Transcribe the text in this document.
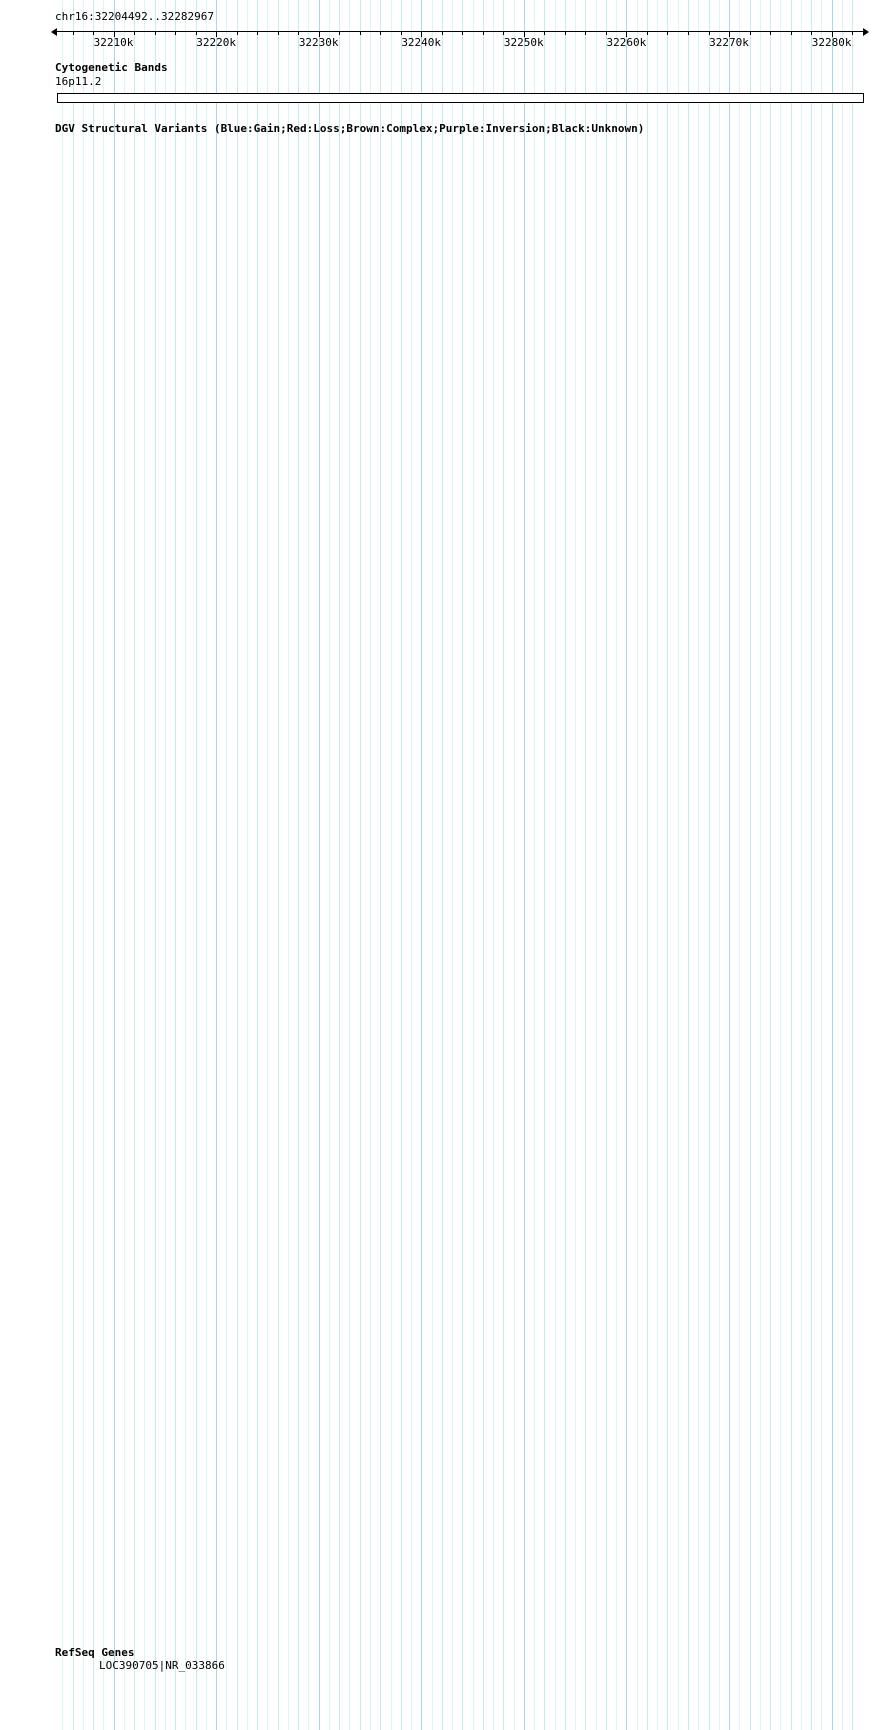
chr16:32204492..32282967
32210k	32220k	32230k	32240k	32250k	32260k	32270k	32280k
Cytogenetic Bands
16p11.2
DGV Structural Variants (Blue:Gain;Red:Loss;Brown:Complex;Purple:Inversion;Black:Unknown)
RefSeq Genes
LOC390705|NR_033866
